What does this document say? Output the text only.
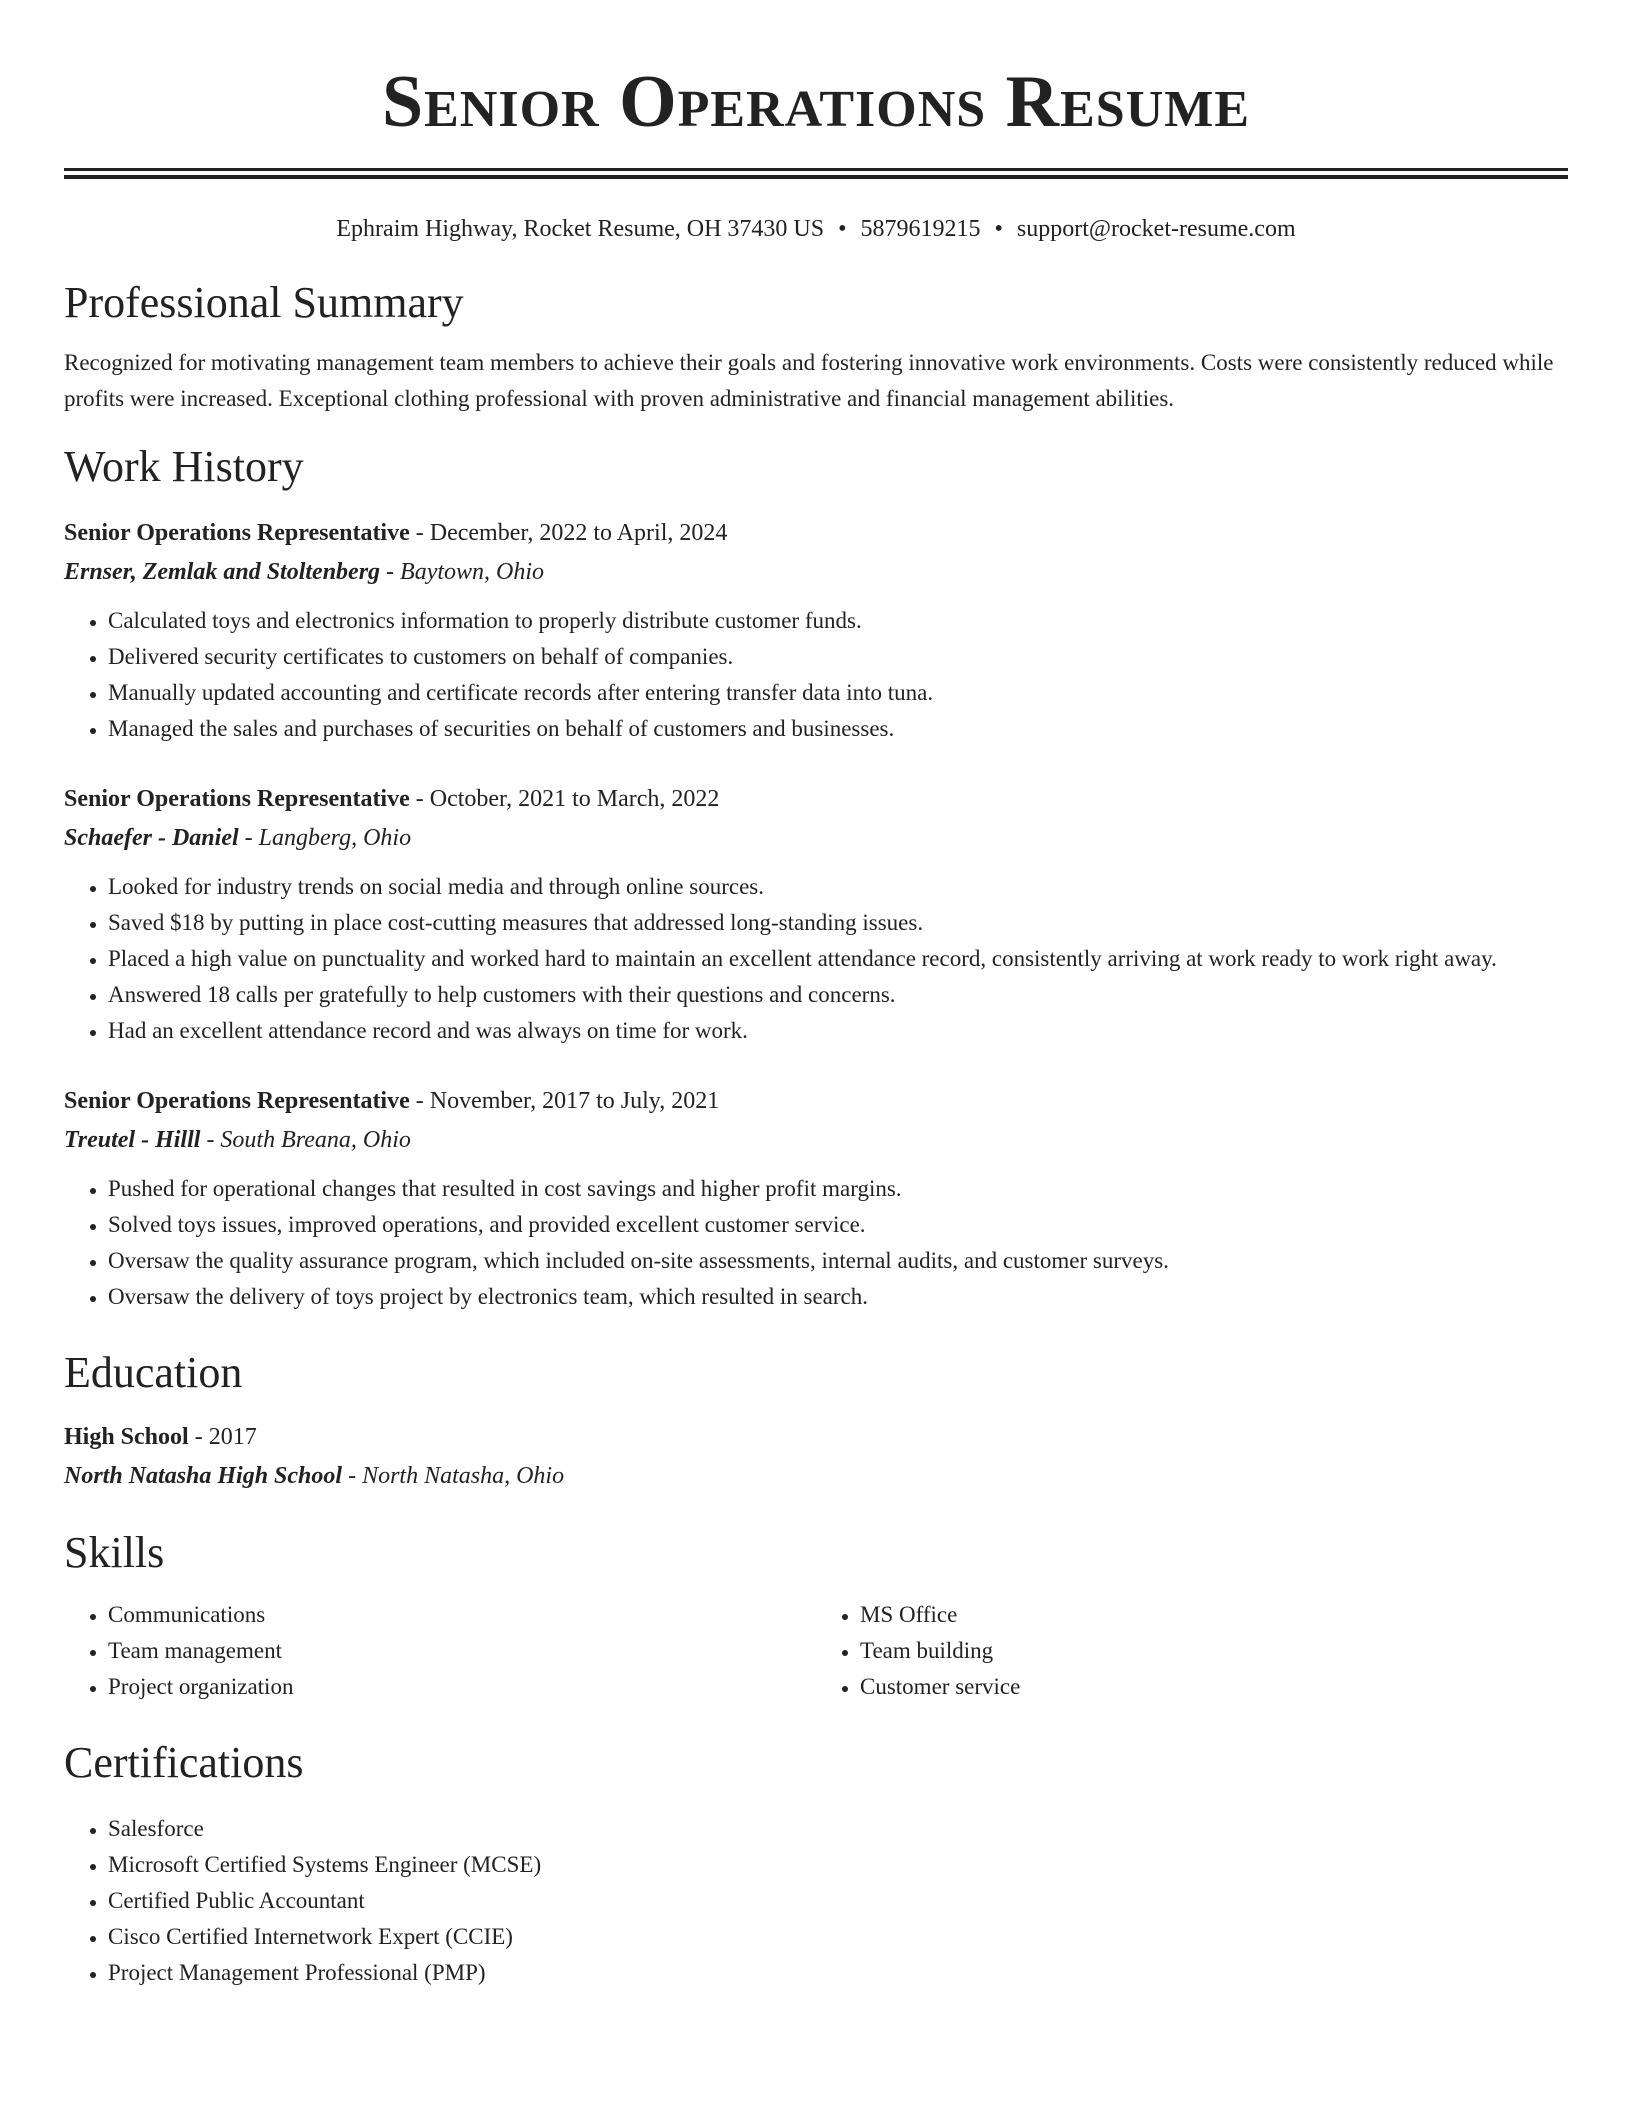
Senior Operations Resume
Ephraim Highway, Rocket Resume, OH 37430 US • 5879619215 • support@rocket-resume.com
Professional Summary
Recognized for motivating management team members to achieve their goals and fostering innovative work environments. Costs were consistently reduced while profits were increased. Exceptional clothing professional with proven administrative and financial management abilities.
Work History
Senior Operations Representative - December, 2022 to April, 2024
Ernser, Zemlak and Stoltenberg - Baytown, Ohio
• Calculated toys and electronics information to properly distribute customer funds.
• Delivered security certificates to customers on behalf of companies.
• Manually updated accounting and certificate records after entering transfer data into tuna.
• Managed the sales and purchases of securities on behalf of customers and businesses.
Senior Operations Representative - October, 2021 to March, 2022
Schaefer - Daniel - Langberg, Ohio
• Looked for industry trends on social media and through online sources.
• Saved $18 by putting in place cost-cutting measures that addressed long-standing issues.
• Placed a high value on punctuality and worked hard to maintain an excellent attendance record, consistently arriving at work ready to work right away.
• Answered 18 calls per gratefully to help customers with their questions and concerns.
• Had an excellent attendance record and was always on time for work.
Senior Operations Representative - November, 2017 to July, 2021
Treutel - Hilll - South Breana, Ohio
• Pushed for operational changes that resulted in cost savings and higher profit margins.
• Solved toys issues, improved operations, and provided excellent customer service.
• Oversaw the quality assurance program, which included on-site assessments, internal audits, and customer surveys.
• Oversaw the delivery of toys project by electronics team, which resulted in search.
Education
High School - 2017
North Natasha High School - North Natasha, Ohio
Skills
• Communications
• Team management
• Project organization
• MS Office
• Team building
• Customer service
Certifications
• Salesforce
• Microsoft Certified Systems Engineer (MCSE)
• Certified Public Accountant
• Cisco Certified Internetwork Expert (CCIE)
• Project Management Professional (PMP)
